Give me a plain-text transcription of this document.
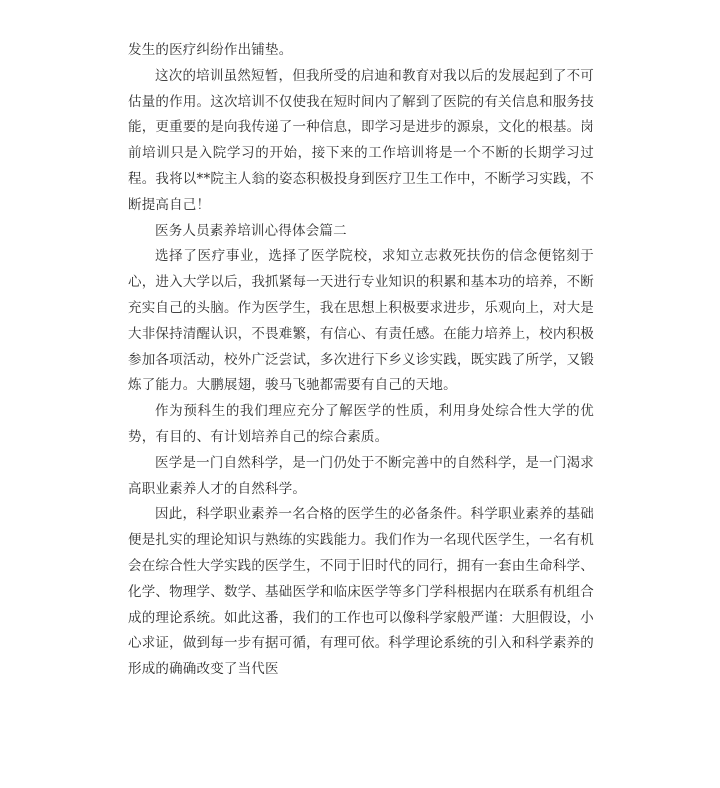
发生的医疗纠纷作出铺垫。

这次的培训虽然短暂，但我所受的启迪和教育对我以后的发展起到了不可估量的作用。这次培训不仅使我在短时间内了解到了医院的有关信息和服务技能，更重要的是向我传递了一种信息，即学习是进步的源泉，文化的根基。岗前培训只是入院学习的开始，接下来的工作培训将是一个不断的长期学习过程。我将以**院主人翁的姿态积极投身到医疗卫生工作中，不断学习实践，不断提高自己！

医务人员素养培训心得体会篇二

选择了医疗事业，选择了医学院校，求知立志救死扶伤的信念便铭刻于心，进入大学以后，我抓紧每一天进行专业知识的积累和基本功的培养，不断充实自己的头脑。作为医学生，我在思想上积极要求进步，乐观向上，对大是大非保持清醒认识，不畏难繁，有信心、有责任感。在能力培养上，校内积极参加各项活动，校外广泛尝试，多次进行下乡义诊实践，既实践了所学，又锻炼了能力。大鹏展翅，骏马飞驰都需要有自己的天地。

作为预科生的我们理应充分了解医学的性质，利用身处综合性大学的优势，有目的、有计划培养自己的综合素质。

医学是一门自然科学，是一门仍处于不断完善中的自然科学，是一门渴求高职业素养人才的自然科学。

因此，科学职业素养一名合格的医学生的必备条件。科学职业素养的基础便是扎实的理论知识与熟练的实践能力。我们作为一名现代医学生，一名有机会在综合性大学实践的医学生，不同于旧时代的同行，拥有一套由生命科学、化学、物理学、数学、基础医学和临床医学等多门学科根据内在联系有机组合成的理论系统。如此这番，我们的工作也可以像科学家般严谨：大胆假设，小心求证，做到每一步有据可循，有理可依。科学理论系统的引入和科学素养的形成的确确改变了当代医
